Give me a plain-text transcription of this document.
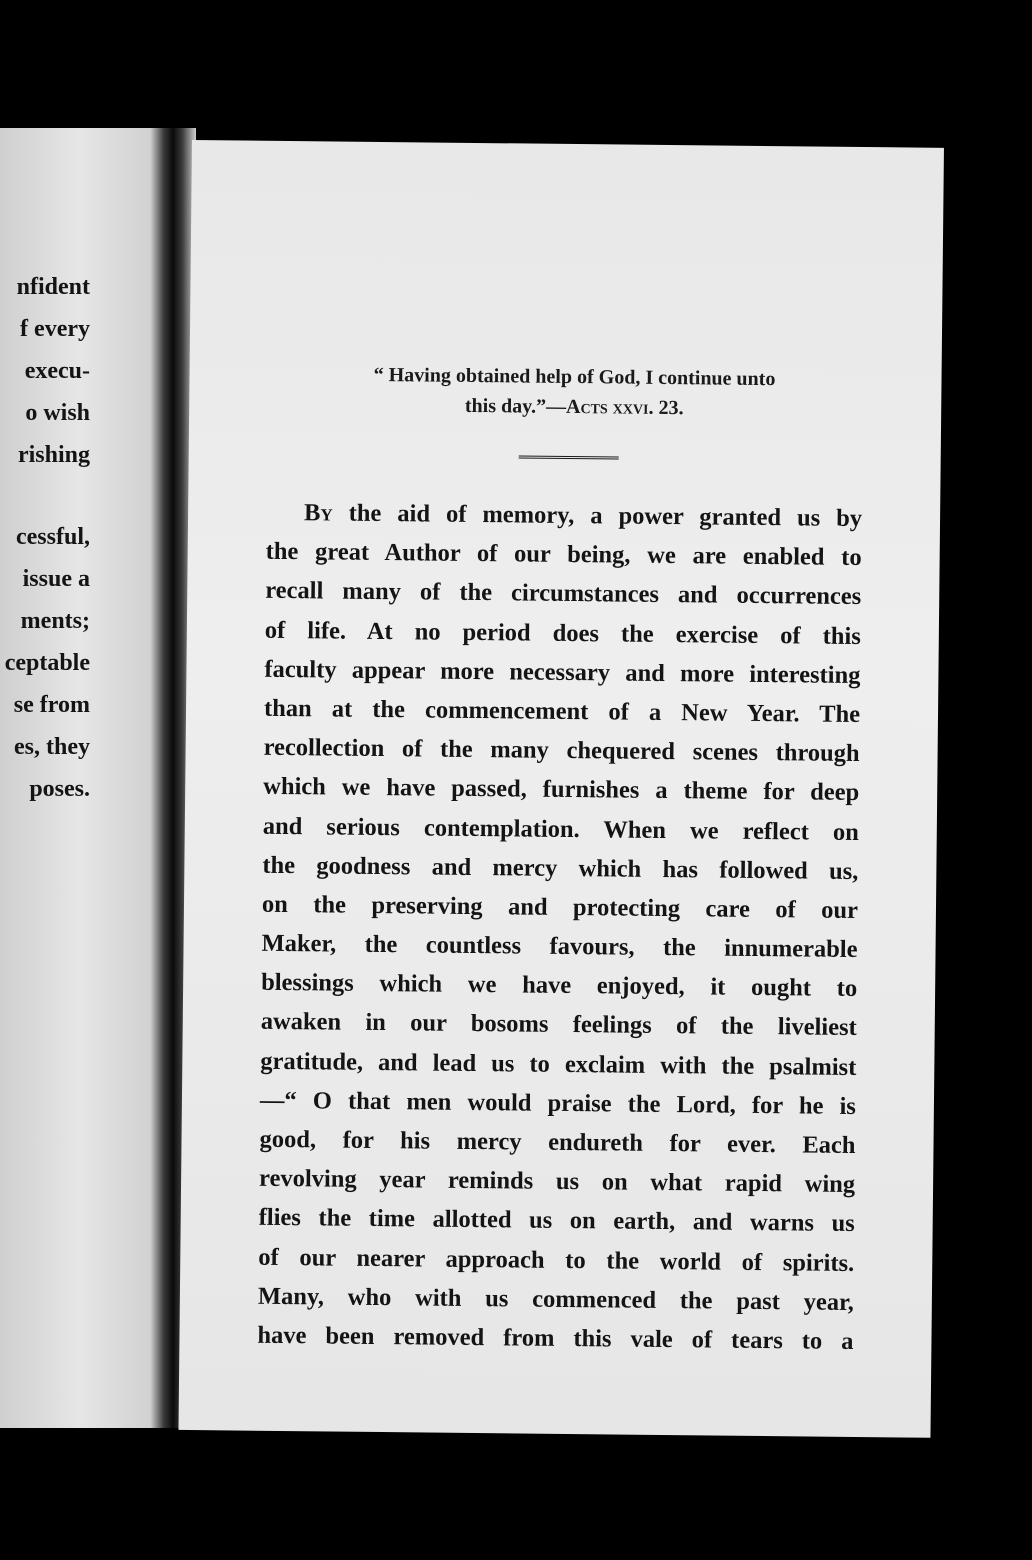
nfident
f every
execu-
o wish
rishing
cessful,
issue a
ments;
ceptable
se from
es, they
poses.
“ Having obtained help of God, I continue unto
this day.”—Acts xxvi. 23.
By the aid of memory, a power granted us by
the great Author of our being, we are enabled to
recall many of the circumstances and occurrences
of life. At no period does the exercise of this
faculty appear more necessary and more interesting
than at the commencement of a New Year. The
recollection of the many chequered scenes through
which we have passed, furnishes a theme for deep
and serious contemplation. When we reflect on
the goodness and mercy which has followed us,
on the preserving and protecting care of our
Maker, the countless favours, the innumerable
blessings which we have enjoyed, it ought to
awaken in our bosoms feelings of the liveliest
gratitude, and lead us to exclaim with the psalmist
—“ O that men would praise the Lord, for he is
good, for his mercy endureth for ever. Each
revolving year reminds us on what rapid wing
flies the time allotted us on earth, and warns us
of our nearer approach to the world of spirits.
Many, who with us commenced the past year,
have been removed from this vale of tears to a
